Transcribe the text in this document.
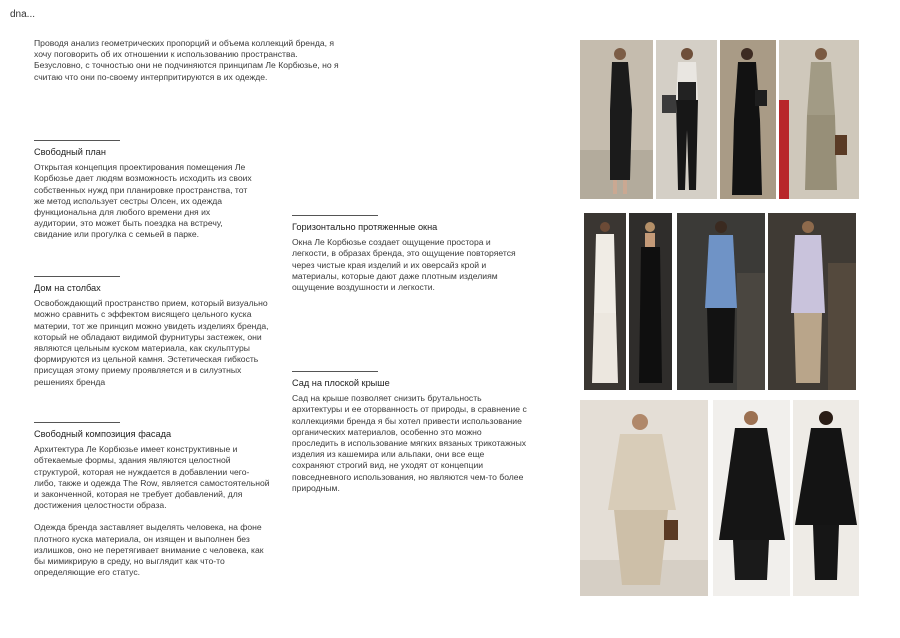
dna...

Проводя анализ геометрических пропорций и объема коллекций бренда, я хочу поговорить об их отношении к использованию пространства.

Безусловно, с точностью они не подчиняются принципам Ле Корбюзье, но я считаю что они по-своему интерпритируются в их одежде.

Свободный план

Открытая концепция проектирования помещения Ле Корбюзье дает людям возможность исходить из своих собственных нужд при планировке пространства, тот же метод использует сестры Олсен, их одежда функциональна для любого времени дня их аудитории, это может быть поездка на встречу, свидание или прогулка с семьей в парке.

Дом на столбах

Освобождающий пространство прием, который визуально можно сравнить с эффектом висящего цельного куска материи, тот же принцип можно увидеть изделиях бренда, который не обладают видимой фурнитуры застежек, они являются цельным куском материала, как скульптуры формируются из цельной камня. Эстетическая гибкость присущая этому приему проявляется и в силуэтных решениях бренда

Свободный композиция фасада

Архитектура Ле Корбюзье имеет конструктивные и обтекаемые формы, здания являются целостной структурой, которая не нуждается в добавлении чего-либо, также и одежда The Row, является самостоятельной и законченной, которая не требует добавлений, для достижения целостности образа.

Одежда бренда заставляет выделять человека, на фоне плотного куска материала, он изящен и выполнен без излишков, оно не перетягивает внимание с человека, как бы мимикрирую в среду, но выглядит как что-то определяющие его статус.

Горизонтально протяженные окна

Окна Ле Корбюзье создает ощущение простора и легкости, в образах бренда, это ощущение повторяется через чистые края изделий и их оверсайз крой и материалы, которые дают даже плотным изделиям ощущение воздушности и легкости.

Сад на плоской крыше

Сад на крыше позволяет снизить брутальность архитектуры и ее оторванность от природы, в сравнение с коллекциями бренда я бы хотел привести использование органических материалов, особенно это можно проследить в использование мягких вязаных трикотажных изделия из кашемира или альпаки, они все еще сохраняют строгий вид, не уходят от концепции повседневного использования, но являются чем-то более природным.
